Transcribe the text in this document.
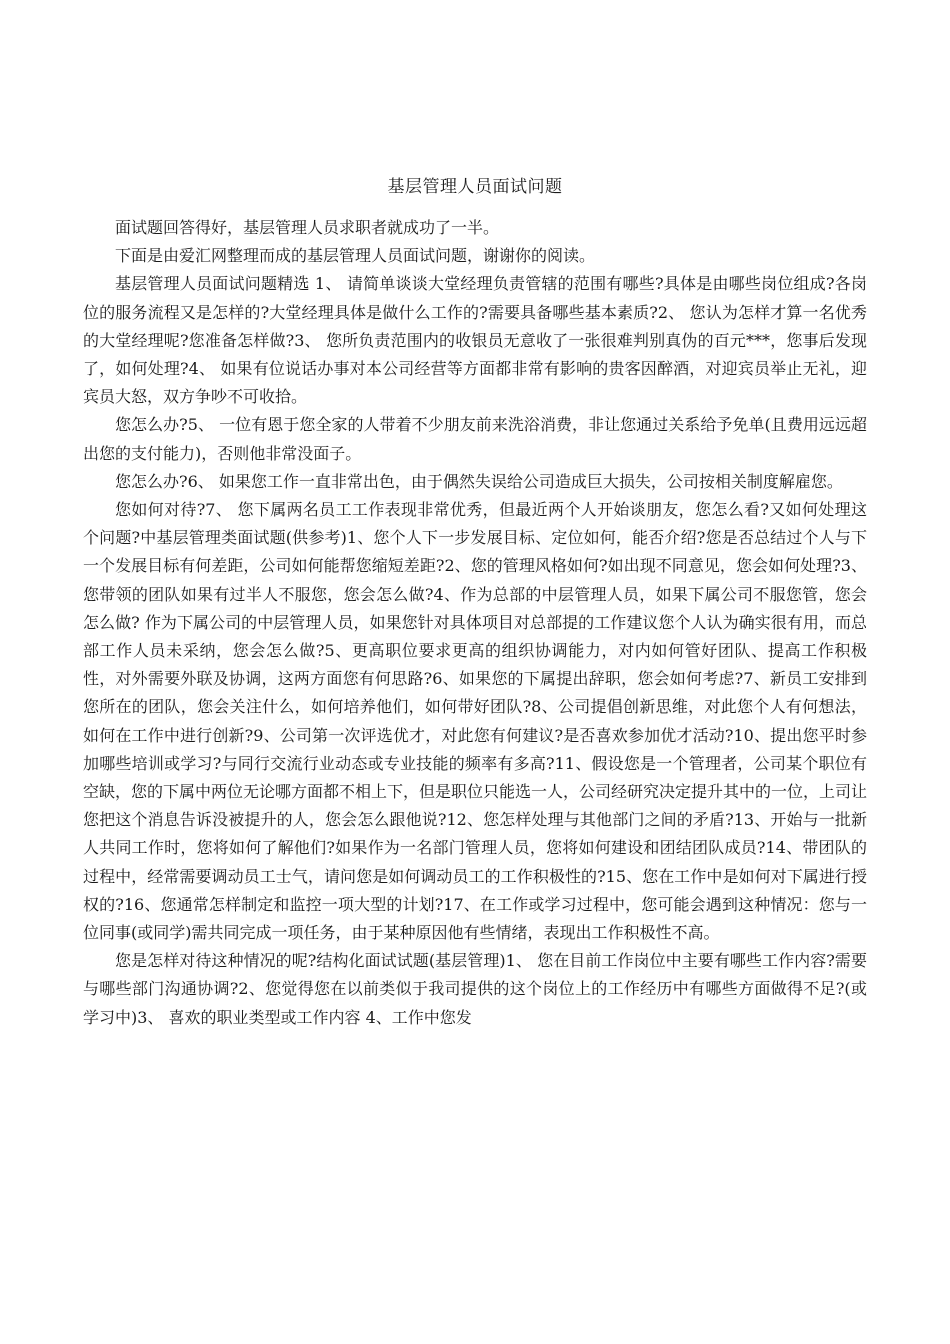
基层管理人员面试问题

面试题回答得好，基层管理人员求职者就成功了一半。

下面是由爱汇网整理而成的基层管理人员面试问题，谢谢你的阅读。

基层管理人员面试问题精选 1、 请简单谈谈大堂经理负责管辖的范围有哪些?具体是由哪些岗位组成?各岗位的服务流程又是怎样的?大堂经理具体是做什么工作的?需要具备哪些基本素质?2、 您认为怎样才算一名优秀的大堂经理呢?您准备怎样做?3、 您所负责范围内的收银员无意收了一张很难判别真伪的百元***，您事后发现了，如何处理?4、 如果有位说话办事对本公司经营等方面都非常有影响的贵客因醉酒，对迎宾员举止无礼，迎宾员大怒，双方争吵不可收拾。

您怎么办?5、 一位有恩于您全家的人带着不少朋友前来洗浴消费，非让您通过关系给予免单(且费用远远超出您的支付能力)，否则他非常没面子。

您怎么办?6、 如果您工作一直非常出色，由于偶然失误给公司造成巨大损失，公司按相关制度解雇您。

您如何对待?7、 您下属两名员工工作表现非常优秀，但最近两个人开始谈朋友，您怎么看?又如何处理这个问题?中基层管理类面试题(供参考)1、您个人下一步发展目标、定位如何，能否介绍?您是否总结过个人与下一个发展目标有何差距，公司如何能帮您缩短差距?2、您的管理风格如何?如出现不同意见，您会如何处理?3、您带领的团队如果有过半人不服您，您会怎么做?4、作为总部的中层管理人员，如果下属公司不服您管，您会怎么做? 作为下属公司的中层管理人员，如果您针对具体项目对总部提的工作建议您个人认为确实很有用，而总部工作人员未采纳，您会怎么做?5、更高职位要求更高的组织协调能力，对内如何管好团队、提高工作积极性，对外需要外联及协调，这两方面您有何思路?6、如果您的下属提出辞职，您会如何考虑?7、新员工安排到您所在的团队，您会关注什么，如何培养他们，如何带好团队?8、公司提倡创新思维，对此您个人有何想法，如何在工作中进行创新?9、公司第一次评选优才，对此您有何建议?是否喜欢参加优才活动?10、提出您平时参加哪些培训或学习?与同行交流行业动态或专业技能的频率有多高?11、假设您是一个管理者，公司某个职位有空缺，您的下属中两位无论哪方面都不相上下，但是职位只能选一人，公司经研究决定提升其中的一位，上司让您把这个消息告诉没被提升的人，您会怎么跟他说?12、您怎样处理与其他部门之间的矛盾?13、开始与一批新人共同工作时，您将如何了解他们?如果作为一名部门管理人员，您将如何建设和团结团队成员?14、带团队的过程中，经常需要调动员工士气，请问您是如何调动员工的工作积极性的?15、您在工作中是如何对下属进行授权的?16、您通常怎样制定和监控一项大型的计划?17、在工作或学习过程中，您可能会遇到这种情况：您与一位同事(或同学)需共同完成一项任务，由于某种原因他有些情绪，表现出工作积极性不高。

您是怎样对待这种情况的呢?结构化面试试题(基层管理)1、 您在目前工作岗位中主要有哪些工作内容?需要与哪些部门沟通协调?2、您觉得您在以前类似于我司提供的这个岗位上的工作经历中有哪些方面做得不足?(或学习中)3、 喜欢的职业类型或工作内容 4、工作中您发
